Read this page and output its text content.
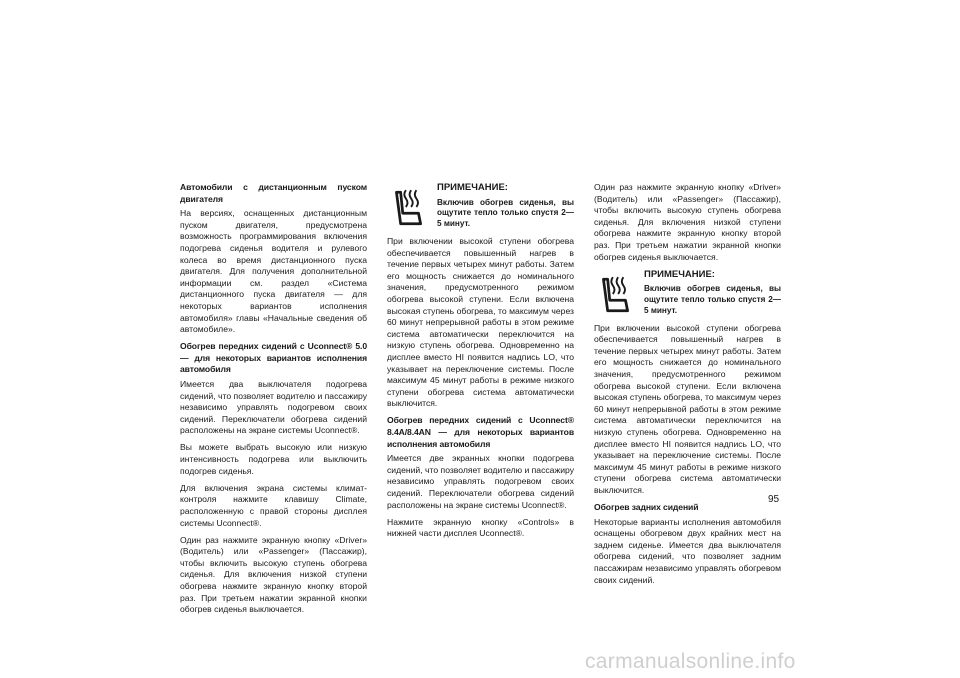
Автомобили с дистанционным пуском двигателя

На версиях, оснащенных дистанционным пуском двигателя, предусмотрена возможность программирования включения подогрева сиденья водителя и рулевого колеса во время дистанционного пуска двигателя. Для получения дополнительной информации см. раздел «Система дистанционного пуска двигателя — для некоторых вариантов исполнения автомобиля» главы «Начальные сведения об автомобиле».

Обогрев передних сидений с Uconnect® 5.0 — для некоторых вариантов исполнения автомобиля

Имеется два выключателя подогрева сидений, что позволяет водителю и пассажиру независимо управлять подогревом своих сидений. Переключатели обогрева сидений расположены на экране системы Uconnect®.

Вы можете выбрать высокую или низкую интенсивность подогрева или выключить подогрев сиденья.

Для включения экрана системы климат-контроля нажмите клавишу Climate, расположенную с правой стороны дисплея системы Uconnect®.

Один раз нажмите экранную кнопку «Driver» (Водитель) или «Passenger» (Пассажир), чтобы включить высокую ступень обогрева сиденья. Для включения низкой ступени обогрева нажмите экранную кнопку второй раз. При третьем нажатии экранной кнопки обогрев сиденья выключается.

ПРИМЕЧАНИЕ:
Включив обогрев сиденья, вы ощутите тепло только спустя 2—5 минут.

При включении высокой ступени обогрева обеспечивается повышенный нагрев в течение первых четырех минут работы. Затем его мощность снижается до номинального значения, предусмотренного режимом обогрева высокой ступени. Если включена высокая ступень обогрева, то максимум через 60 минут непрерывной работы в этом режиме система автоматически переключится на низкую ступень обогрева. Одновременно на дисплее вместо HI появится надпись LO, что указывает на переключение системы. После максимум 45 минут работы в режиме низкого ступени обогрева система автоматически выключится.

Обогрев передних сидений с Uconnect® 8.4A/8.4AN — для некоторых вариантов исполнения автомобиля

Имеется две экранных кнопки подогрева сидений, что позволяет водителю и пассажиру независимо управлять подогревом своих сидений. Переключатели обогрева сидений расположены на экране системы Uconnect®.

Нажмите экранную кнопку «Controls» в нижней части дисплея Uconnect®.

Один раз нажмите экранную кнопку «Driver» (Водитель) или «Passenger» (Пассажир), чтобы включить высокую ступень обогрева сиденья. Для включения низкой ступени обогрева нажмите экранную кнопку второй раз. При третьем нажатии экранной кнопки обогрев сиденья выключается.

ПРИМЕЧАНИЕ:
Включив обогрев сиденья, вы ощутите тепло только спустя 2—5 минут.

При включении высокой ступени обогрева обеспечивается повышенный нагрев в течение первых четырех минут работы. Затем его мощность снижается до номинального значения, предусмотренного режимом обогрева высокой ступени. Если включена высокая ступень обогрева, то максимум через 60 минут непрерывной работы в этом режиме система автоматически переключится на низкую ступень обогрева. Одновременно на дисплее вместо HI появится надпись LO, что указывает на переключение системы. После максимум 45 минут работы в режиме низкого ступени обогрева система автоматически выключится.

Обогрев задних сидений

Некоторые варианты исполнения автомобиля оснащены обогревом двух крайних мест на заднем сиденье. Имеется два выключателя обогрева сидений, что позволяет задним пассажирам независимо управлять обогревом своих сидений.

95
carmanualsonline.info
